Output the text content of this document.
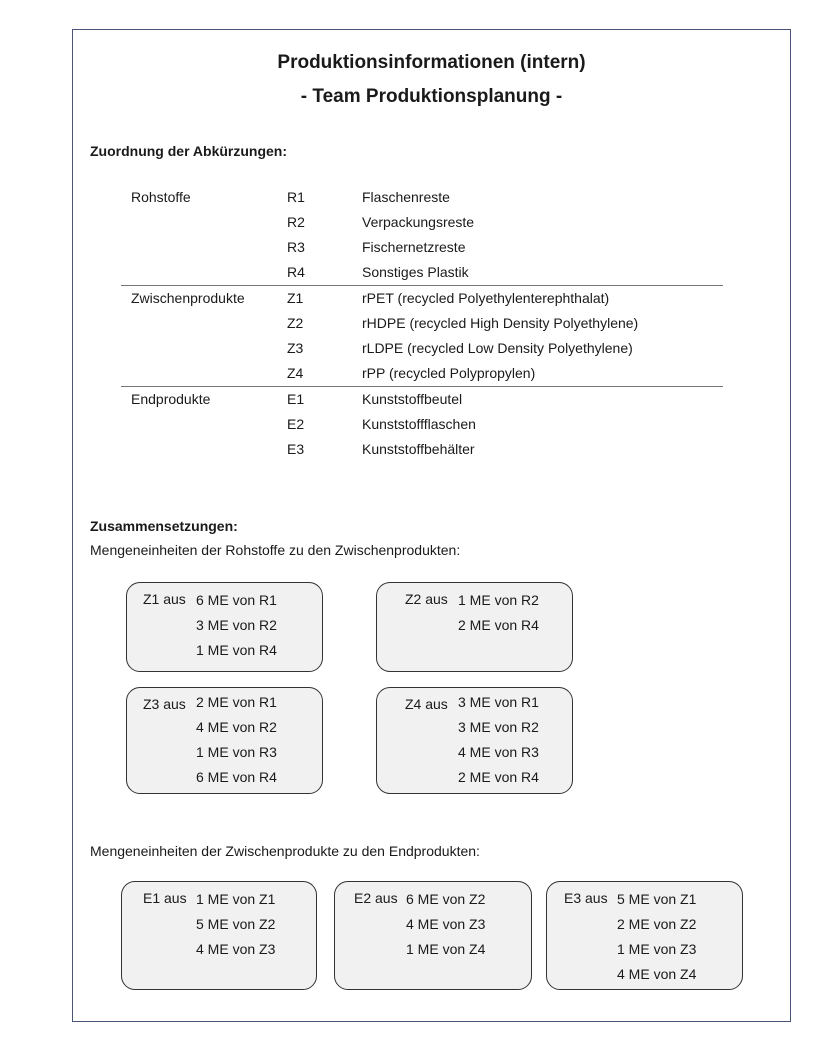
Produktionsinformationen (intern)
- Team Produktionsplanung -
Zuordnung der Abkürzungen:
Rohstoffe	R1	Flaschenreste
R2	Verpackungsreste
R3	Fischernetzreste
R4	Sonstiges Plastik
Zwischenprodukte	Z1	rPET (recycled Polyethylenterephthalat)
Z2	rHDPE (recycled High Density Polyethylene)
Z3	rLDPE (recycled Low Density Polyethylene)
Z4	rPP (recycled Polypropylen)
Endprodukte	E1	Kunststoffbeutel
E2	Kunststoffflaschen
E3	Kunststoffbehälter
Zusammensetzungen:
Mengeneinheiten der Rohstoffe zu den Zwischenprodukten:
Z1 aus 6 ME von R1
3 ME von R2
1 ME von R4
Z2 aus 1 ME von R2
2 ME von R4
Z3 aus 2 ME von R1
4 ME von R2
1 ME von R3
6 ME von R4
Z4 aus 3 ME von R1
3 ME von R2
4 ME von R3
2 ME von R4
Mengeneinheiten der Zwischenprodukte zu den Endprodukten:
E1 aus 1 ME von Z1
5 ME von Z2
4 ME von Z3
E2 aus 6 ME von Z2
4 ME von Z3
1 ME von Z4
E3 aus 5 ME von Z1
2 ME von Z2
1 ME von Z3
4 ME von Z4
